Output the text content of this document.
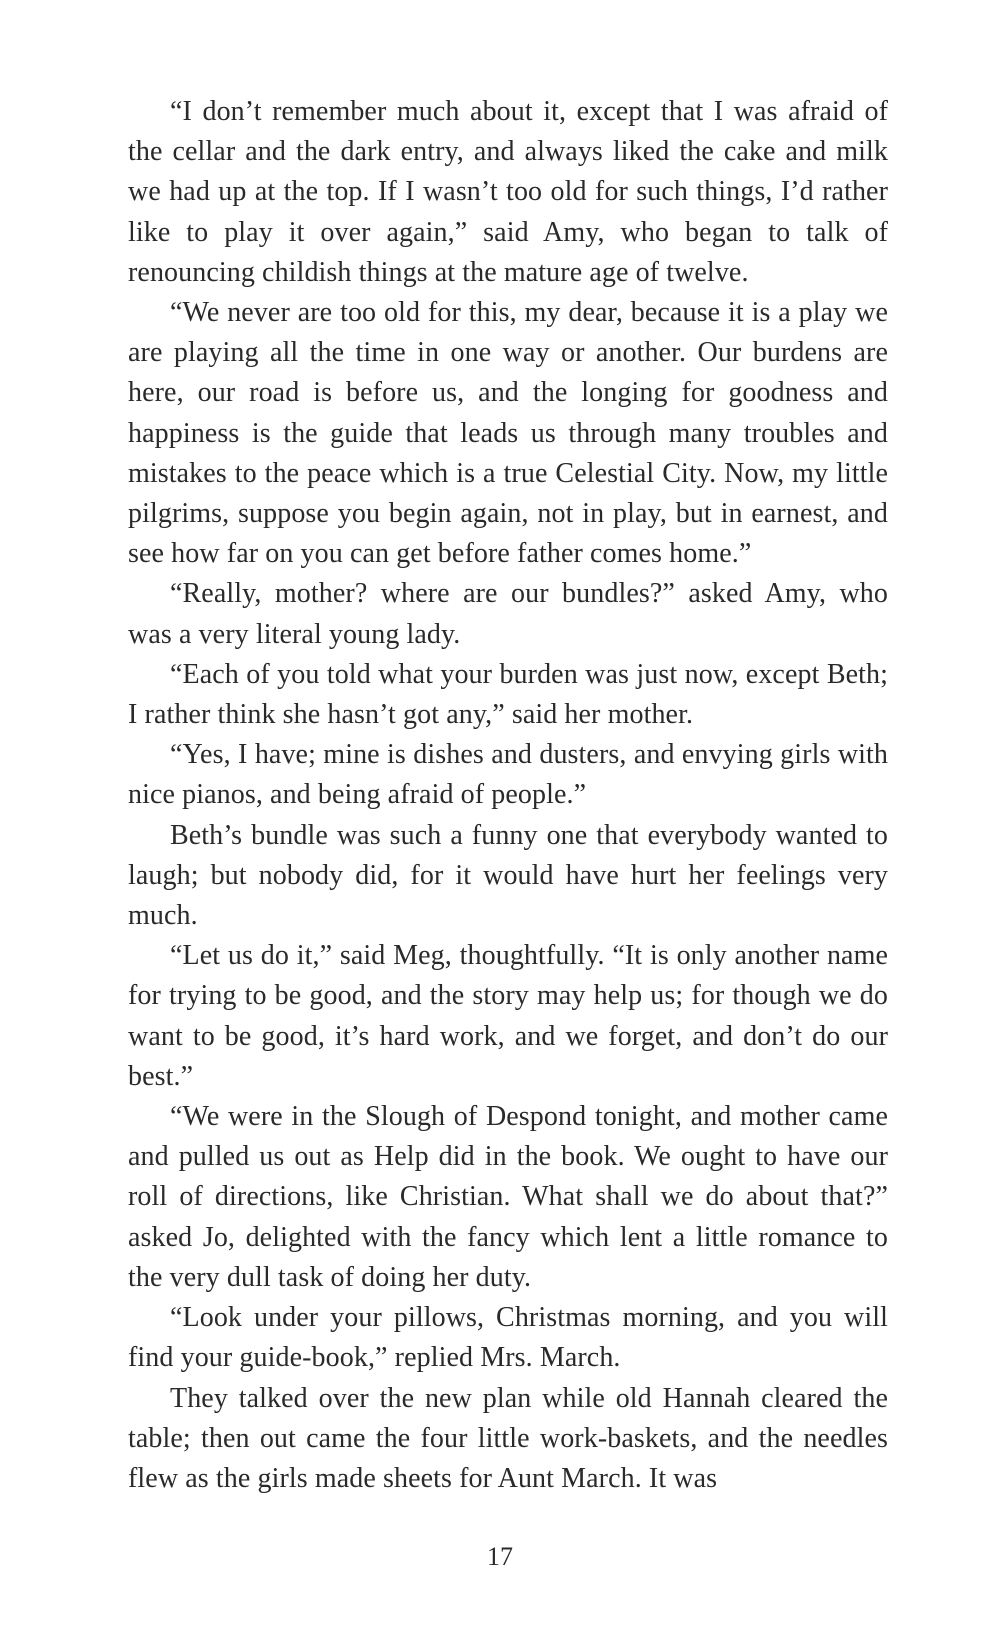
“I don’t remember much about it, except that I was afraid of the cellar and the dark entry, and always liked the cake and milk we had up at the top. If I wasn’t too old for such things, I’d rather like to play it over again,” said Amy, who began to talk of renouncing childish things at the mature age of twelve.

“We never are too old for this, my dear, because it is a play we are playing all the time in one way or another. Our burdens are here, our road is before us, and the longing for goodness and happiness is the guide that leads us through many troubles and mistakes to the peace which is a true Celestial City. Now, my little pilgrims, suppose you begin again, not in play, but in earnest, and see how far on you can get before father comes home.”

“Really, mother? where are our bundles?” asked Amy, who was a very literal young lady.

“Each of you told what your burden was just now, except Beth; I rather think she hasn’t got any,” said her mother.

“Yes, I have; mine is dishes and dusters, and envying girls with nice pianos, and being afraid of people.”

Beth’s bundle was such a funny one that everybody wanted to laugh; but nobody did, for it would have hurt her feelings very much.

“Let us do it,” said Meg, thoughtfully. “It is only another name for trying to be good, and the story may help us; for though we do want to be good, it’s hard work, and we forget, and don’t do our best.”

“We were in the Slough of Despond tonight, and mother came and pulled us out as Help did in the book. We ought to have our roll of directions, like Christian. What shall we do about that?” asked Jo, delighted with the fancy which lent a little romance to the very dull task of doing her duty.

“Look under your pillows, Christmas morning, and you will find your guide-book,” replied Mrs. March.

They talked over the new plan while old Hannah cleared the table; then out came the four little work-baskets, and the needles flew as the girls made sheets for Aunt March. It was

17
